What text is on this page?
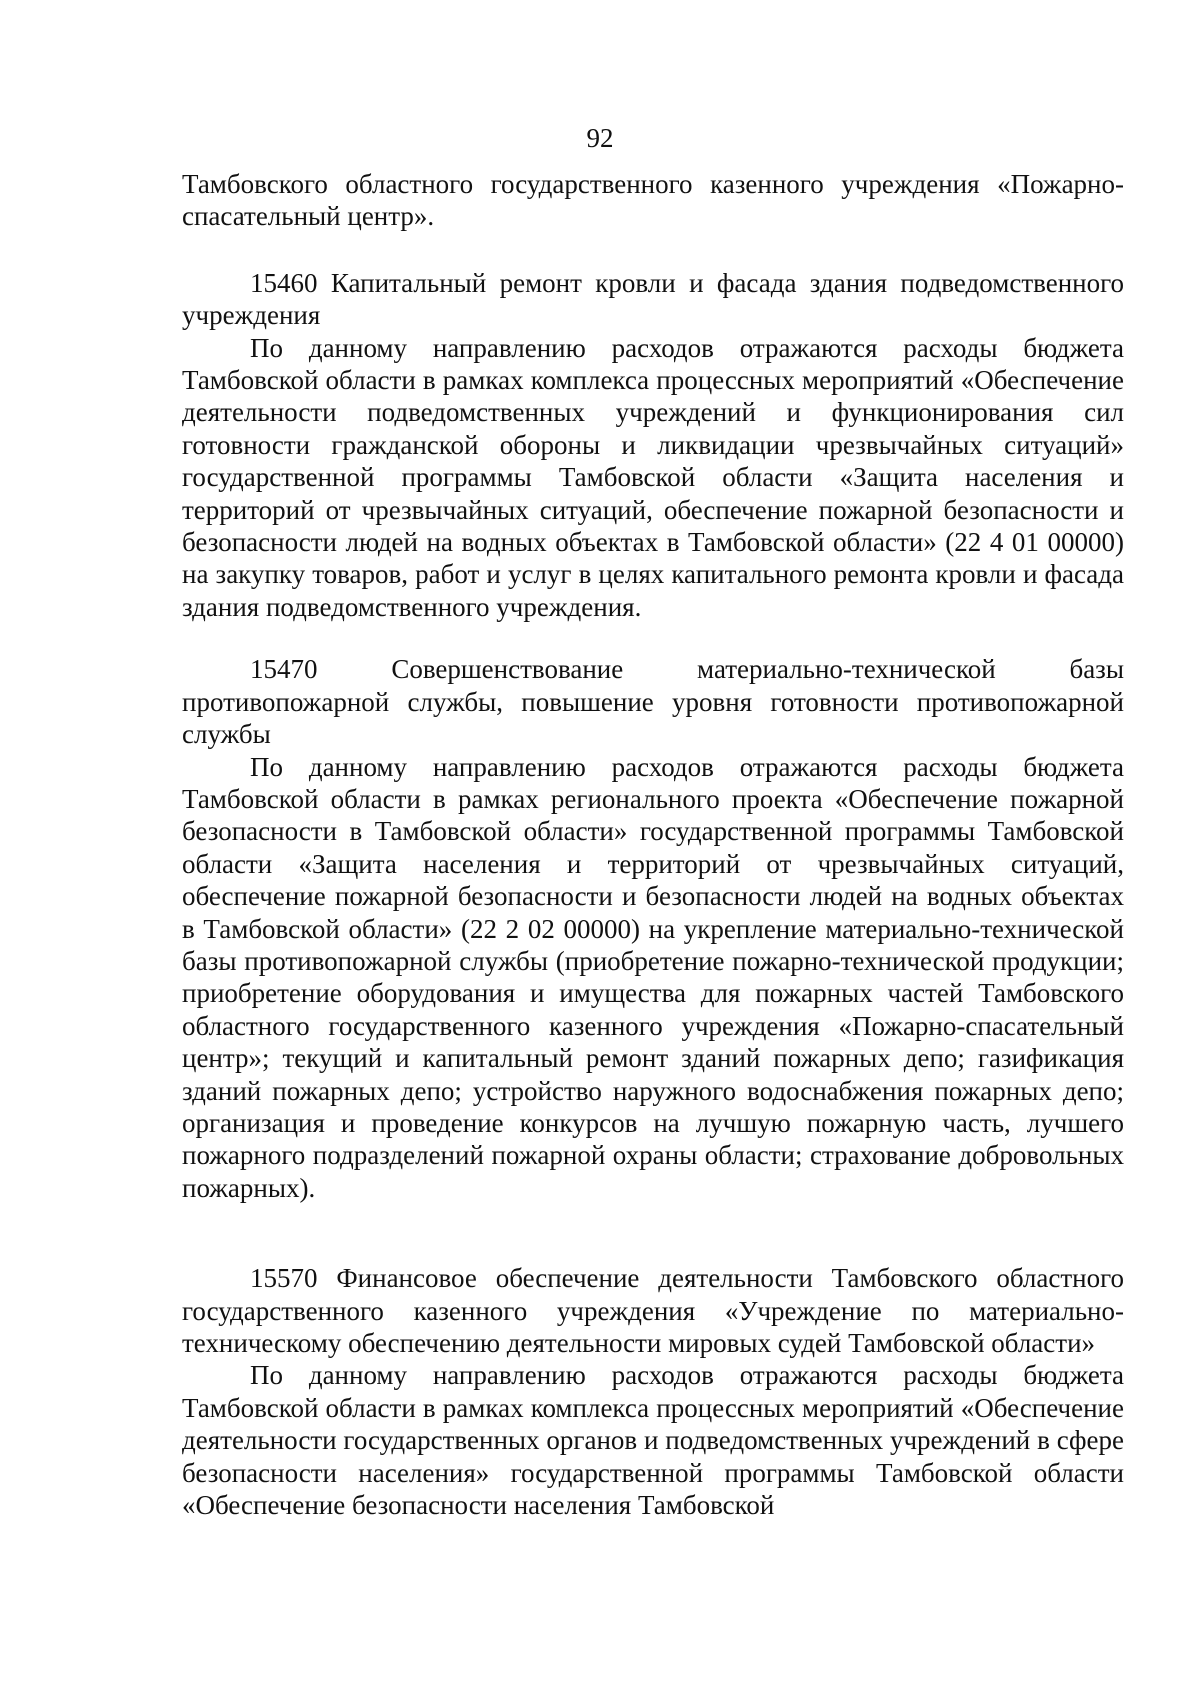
92

Тамбовского областного государственного казенного учреждения «Пожарно-спасательный центр».

15460 Капитальный ремонт кровли и фасада здания подведомственного учреждения

По данному направлению расходов отражаются расходы бюджета Тамбовской области в рамках комплекса процессных мероприятий «Обеспечение деятельности подведомственных учреждений и функционирования сил готовности гражданской обороны и ликвидации чрезвычайных ситуаций» государственной программы Тамбовской области «Защита населения и территорий от чрезвычайных ситуаций, обеспечение пожарной безопасности и безопасности людей на водных объектах в Тамбовской области» (22 4 01 00000) на закупку товаров, работ и услуг в целях капитального ремонта кровли и фасада здания подведомственного учреждения.

15470 Совершенствование материально-технической базы противопожарной службы, повышение уровня готовности противопожарной службы

По данному направлению расходов отражаются расходы бюджета Тамбовской области в рамках регионального проекта «Обеспечение пожарной безопасности в Тамбовской области» государственной программы Тамбовской области «Защита населения и территорий от чрезвычайных ситуаций, обеспечение пожарной безопасности и безопасности людей на водных объектах в Тамбовской области» (22 2 02 00000) на укрепление материально-технической базы противопожарной службы (приобретение пожарно-технической продукции; приобретение оборудования и имущества для пожарных частей Тамбовского областного государственного казенного учреждения «Пожарно-спасательный центр»; текущий и капитальный ремонт зданий пожарных депо; газификация зданий пожарных депо; устройство наружного водоснабжения пожарных депо; организация и проведение конкурсов на лучшую пожарную часть, лучшего пожарного подразделений пожарной охраны области; страхование добровольных пожарных).

15570 Финансовое обеспечение деятельности Тамбовского областного государственного казенного учреждения «Учреждение по материально-техническому обеспечению деятельности мировых судей Тамбовской области»

По данному направлению расходов отражаются расходы бюджета Тамбовской области в рамках комплекса процессных мероприятий «Обеспечение деятельности государственных органов и подведомственных учреждений в сфере безопасности населения» государственной программы Тамбовской области «Обеспечение безопасности населения Тамбовской
